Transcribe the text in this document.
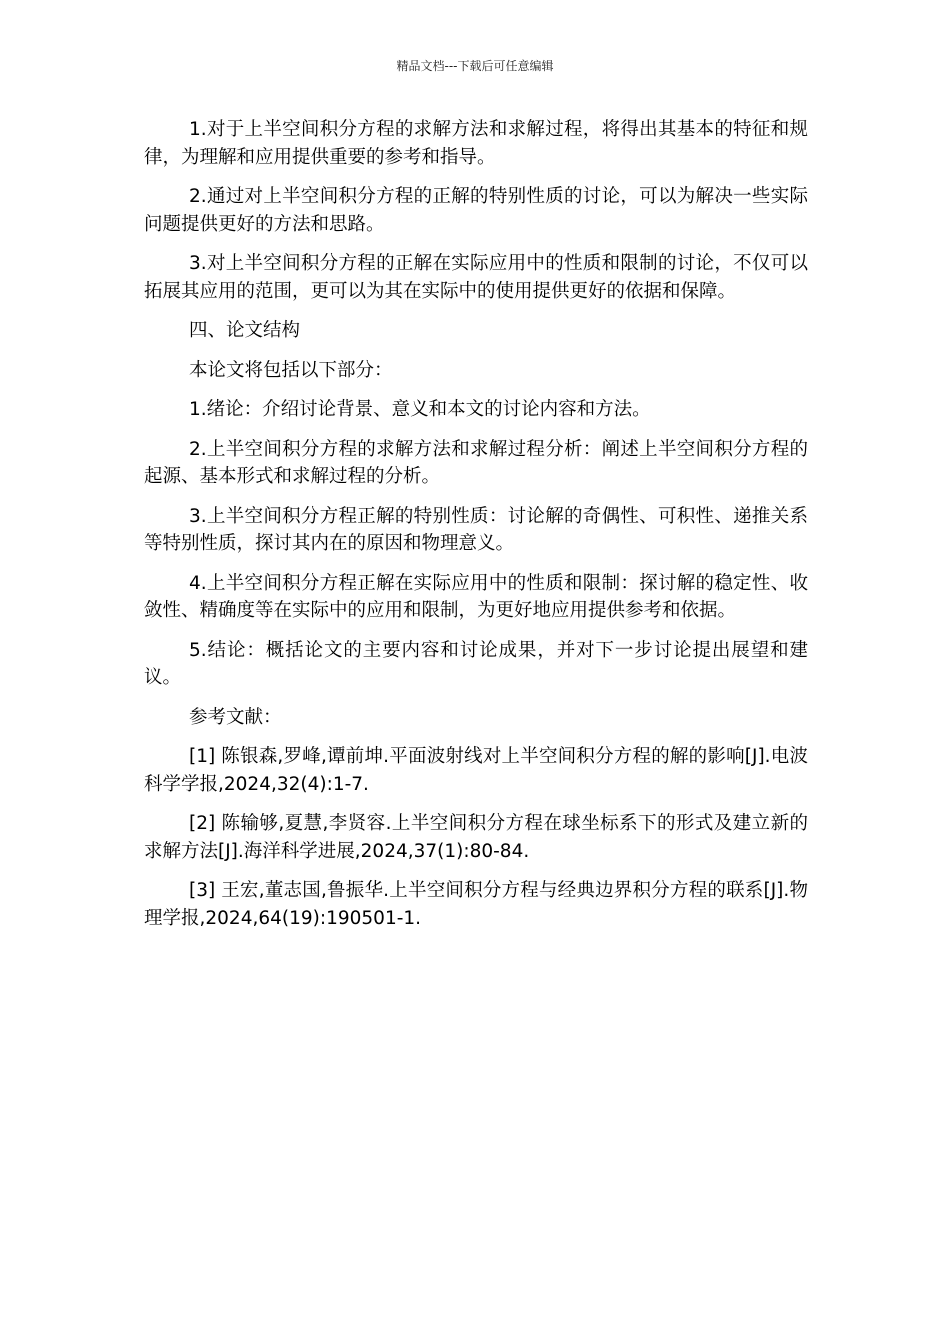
精品文档---下载后可任意编辑

1.对于上半空间积分方程的求解方法和求解过程，将得出其基本的特征和规律，为理解和应用提供重要的参考和指导。

2.通过对上半空间积分方程的正解的特别性质的讨论，可以为解决一些实际问题提供更好的方法和思路。

3.对上半空间积分方程的正解在实际应用中的性质和限制的讨论，不仅可以拓展其应用的范围，更可以为其在实际中的使用提供更好的依据和保障。

四、论文结构

本论文将包括以下部分：

1.绪论：介绍讨论背景、意义和本文的讨论内容和方法。

2.上半空间积分方程的求解方法和求解过程分析：阐述上半空间积分方程的起源、基本形式和求解过程的分析。

3.上半空间积分方程正解的特别性质：讨论解的奇偶性、可积性、递推关系等特别性质，探讨其内在的原因和物理意义。

4.上半空间积分方程正解在实际应用中的性质和限制：探讨解的稳定性、收敛性、精确度等在实际中的应用和限制，为更好地应用提供参考和依据。

5.结论：概括论文的主要内容和讨论成果，并对下一步讨论提出展望和建议。

参考文献：

[1] 陈银森,罗峰,谭前坤.平面波射线对上半空间积分方程的解的影响[J].电波科学学报,2024,32(4):1-7.

[2] 陈输够,夏慧,李贤容.上半空间积分方程在球坐标系下的形式及建立新的求解方法[J].海洋科学进展,2024,37(1):80-84.

[3] 王宏,董志国,鲁振华.上半空间积分方程与经典边界积分方程的联系[J].物理学报,2024,64(19):190501-1.
